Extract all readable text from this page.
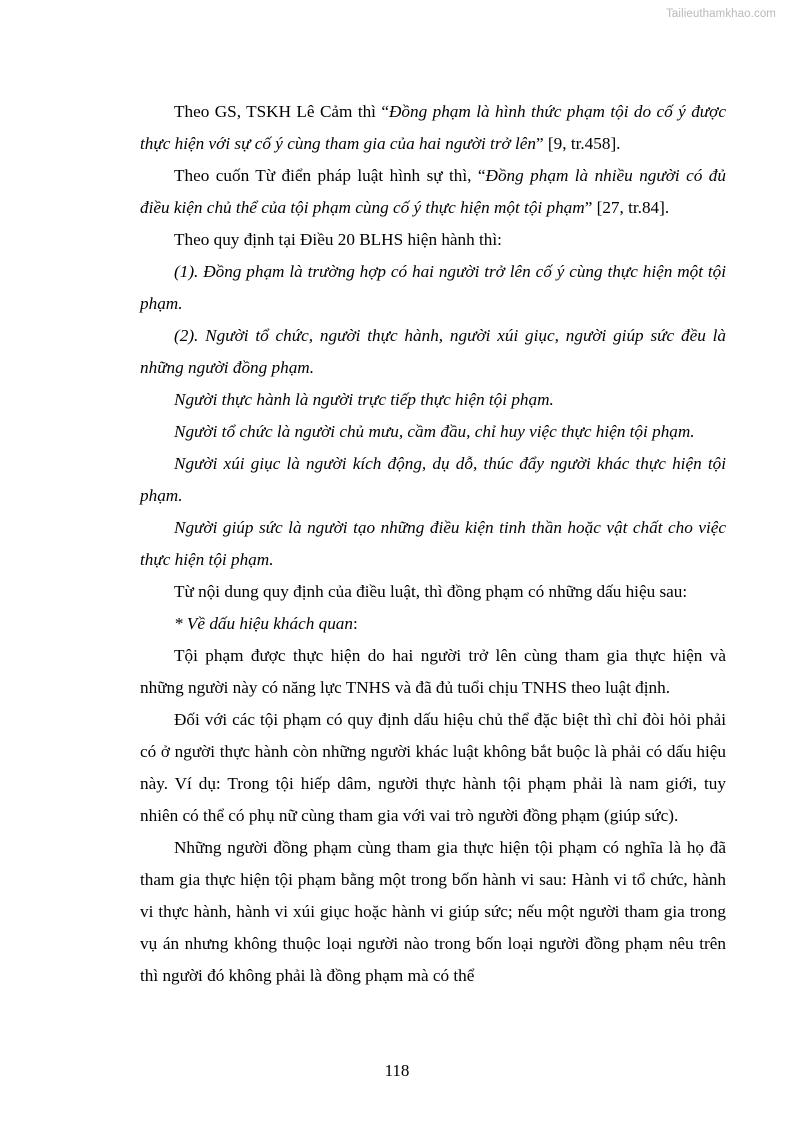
Tailieuthamkhao.com

Theo GS, TSKH Lê Cảm thì “Đồng phạm là hình thức phạm tội do cố ý được thực hiện với sự cố ý cùng tham gia của hai người trở lên” [9, tr.458].

Theo cuốn Từ điển pháp luật hình sự thì, “Đồng phạm là nhiều người có đủ điều kiện chủ thể của tội phạm cùng cố ý thực hiện một tội phạm” [27, tr.84].

Theo quy định tại Điều 20 BLHS hiện hành thì:

(1). Đồng phạm là trường hợp có hai người trở lên cố ý cùng thực hiện một tội phạm.

(2). Người tổ chức, người thực hành, người xúi giục, người giúp sức đều là những người đồng phạm.

Người thực hành là người trực tiếp thực hiện tội phạm.

Người tổ chức là người chủ mưu, cầm đầu, chỉ huy việc thực hiện tội phạm.

Người xúi giục là người kích động, dụ dỗ, thúc đẩy người khác thực hiện tội phạm.

Người giúp sức là người tạo những điều kiện tinh thần hoặc vật chất cho việc thực hiện tội phạm.

Từ nội dung quy định của điều luật, thì đồng phạm có những dấu hiệu sau:

* Về dấu hiệu khách quan:

Tội phạm được thực hiện do hai người trở lên cùng tham gia thực hiện và những người này có năng lực TNHS và đã đủ tuổi chịu TNHS theo luật định.

Đối với các tội phạm có quy định dấu hiệu chủ thể đặc biệt thì chỉ đòi hỏi phải có ở người thực hành còn những người khác luật không bắt buộc là phải có dấu hiệu này. Ví dụ: Trong tội hiếp dâm, người thực hành tội phạm phải là nam giới, tuy nhiên có thể có phụ nữ cùng tham gia với vai trò người đồng phạm (giúp sức).

Những người đồng phạm cùng tham gia thực hiện tội phạm có nghĩa là họ đã tham gia thực hiện tội phạm bằng một trong bốn hành vi sau: Hành vi tổ chức, hành vi thực hành, hành vi xúi giục hoặc hành vi giúp sức; nếu một người tham gia trong vụ án nhưng không thuộc loại người nào trong bốn loại người đồng phạm nêu trên thì người đó không phải là đồng phạm mà có thể

118
